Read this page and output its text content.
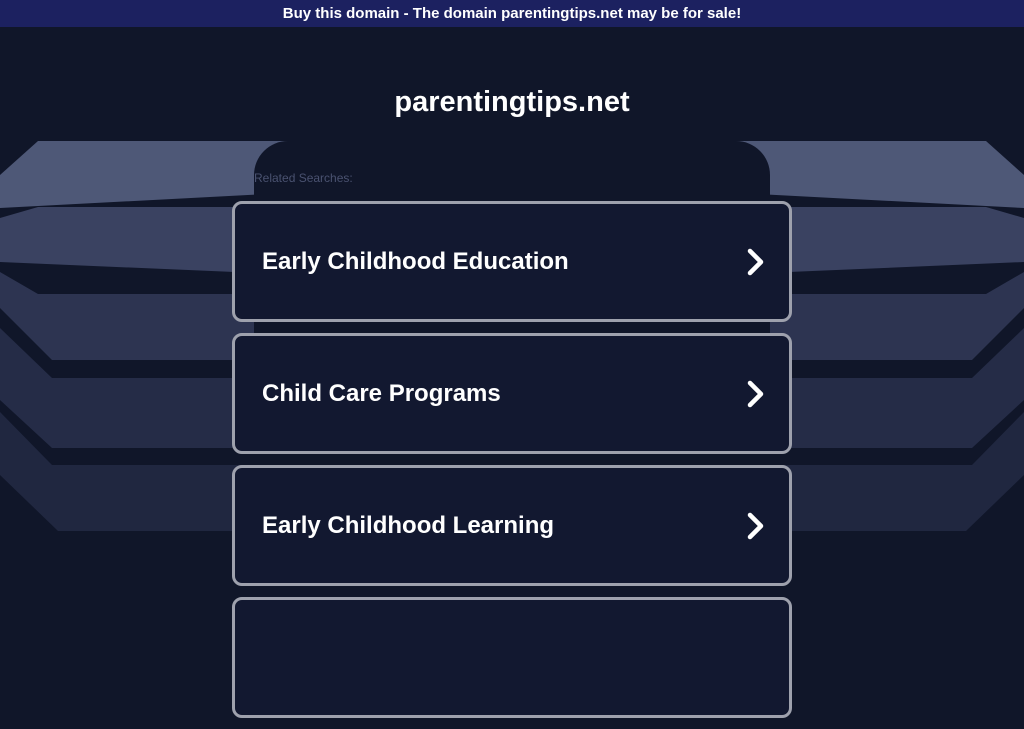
Buy this domain - The domain parentingtips.net may be for sale!
parentingtips.net
Related Searches:
Early Childhood Education
Child Care Programs
Early Childhood Learning
